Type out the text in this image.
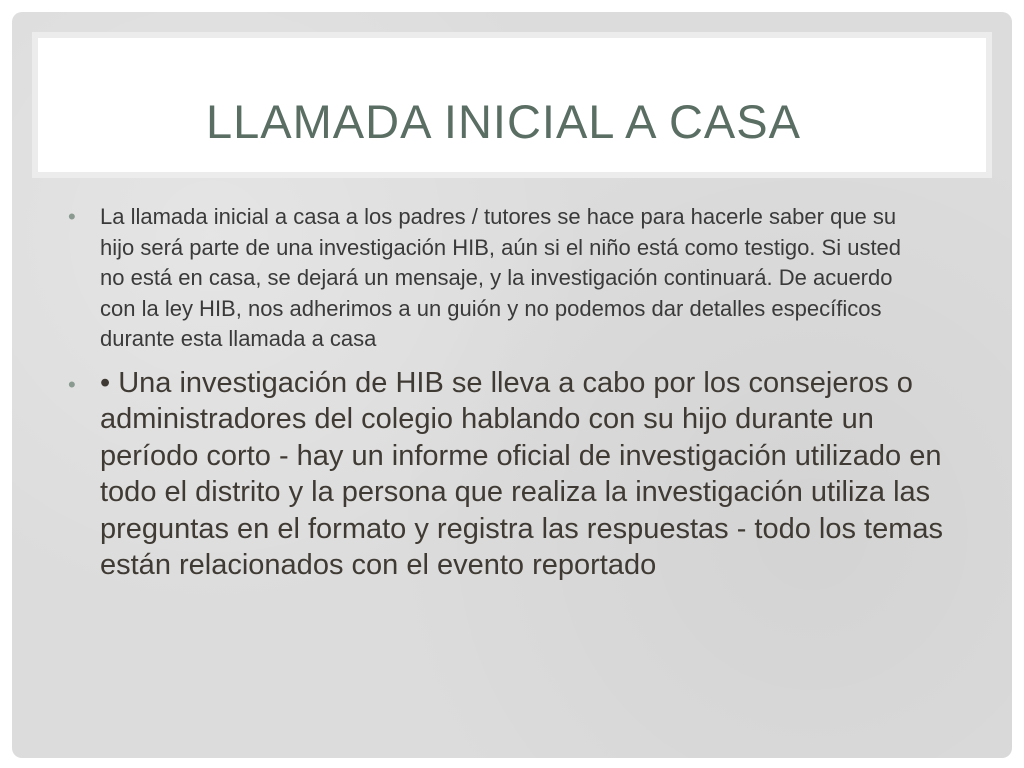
LLAMADA INICIAL A CASA
• La llamada inicial a casa a los padres / tutores se hace para hacerle saber que su hijo será parte de una investigación HIB, aún si el niño está como testigo. Si usted no está en casa, se dejará un mensaje, y la investigación continuará. De acuerdo con la ley HIB, nos adherimos a un guión y no podemos dar detalles específicos durante esta llamada a casa
• • Una investigación de HIB se lleva a cabo por los consejeros o administradores del colegio hablando con su hijo durante un período corto - hay un informe oficial de investigación utilizado en todo el distrito y la persona que realiza la investigación utiliza las preguntas en el formato y registra las respuestas - todo los temas están relacionados con el evento reportado
